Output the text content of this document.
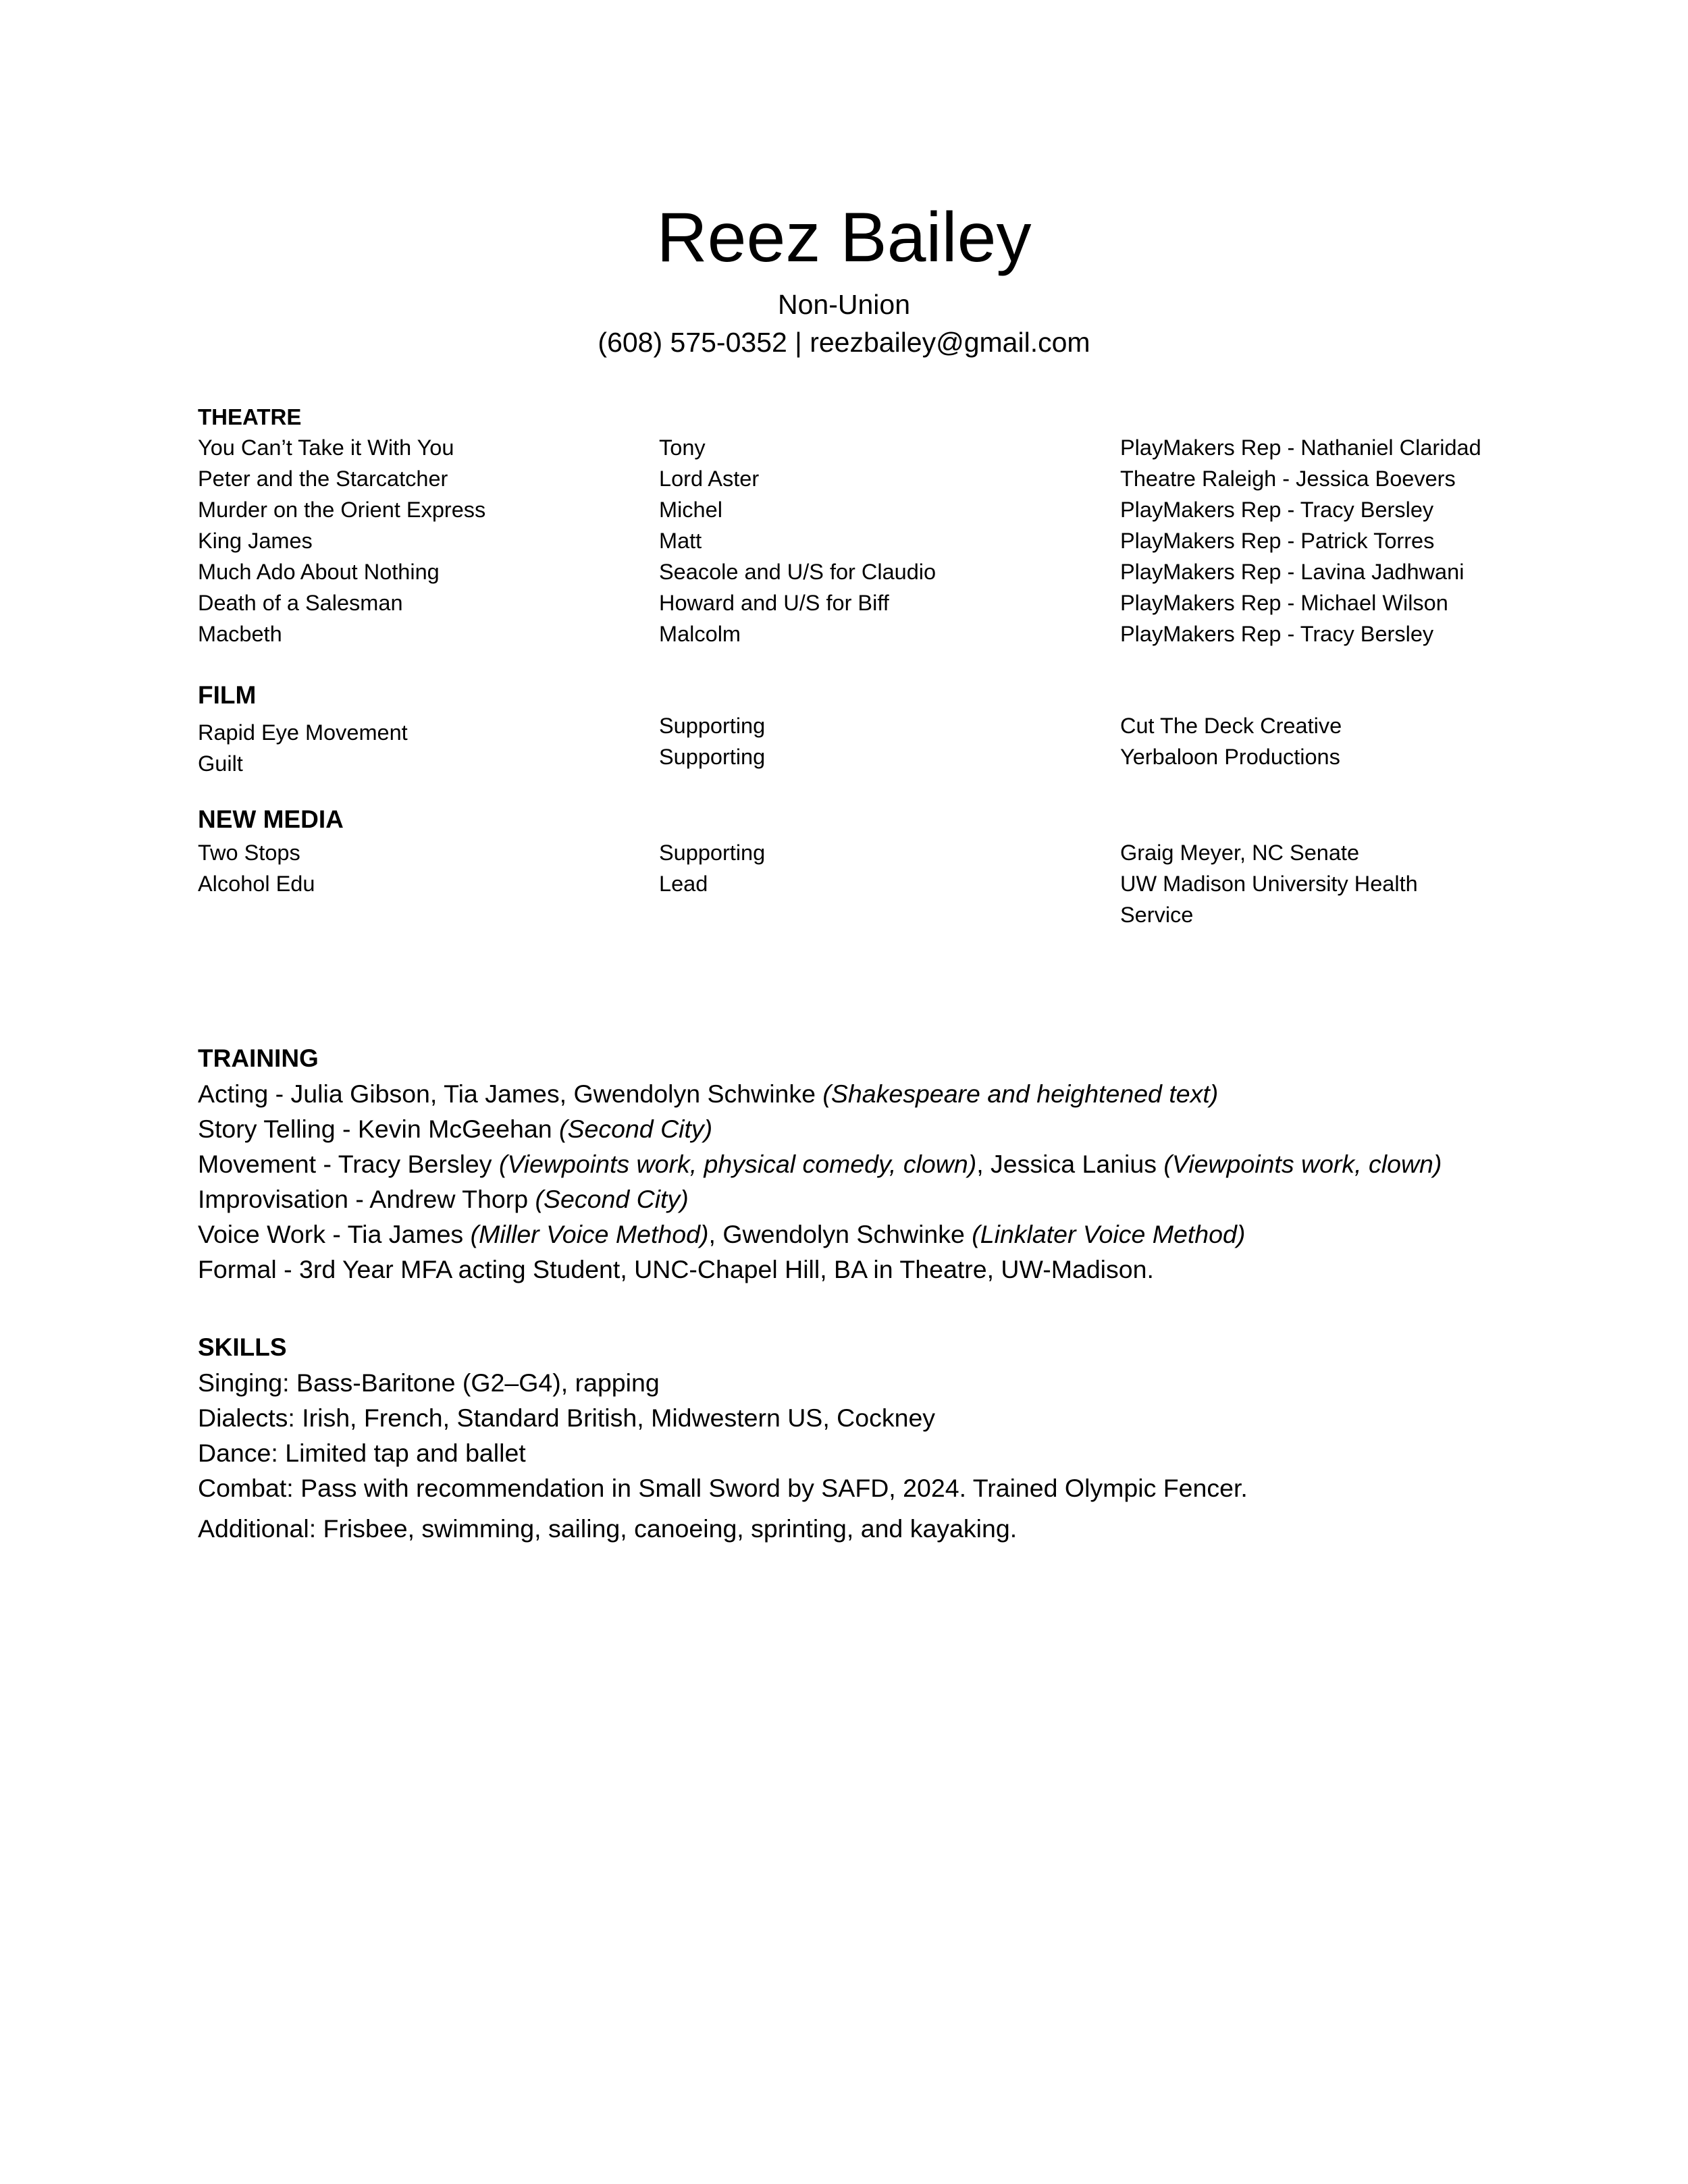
Reez Bailey
Non-Union
(608) 575-0352 | reezbailey@gmail.com
THEATRE
You Can’t Take it With You	Tony	PlayMakers Rep - Nathaniel Claridad
Peter and the Starcatcher	Lord Aster	Theatre Raleigh - Jessica Boevers
Murder on the Orient Express	Michel	PlayMakers Rep - Tracy Bersley
King James	Matt	PlayMakers Rep - Patrick Torres
Much Ado About Nothing	Seacole and U/S for Claudio	PlayMakers Rep - Lavina Jadhwani
Death of a Salesman	Howard and U/S for Biff	PlayMakers Rep - Michael Wilson
Macbeth	Malcolm	PlayMakers Rep - Tracy Bersley
FILM
Rapid Eye Movement	Supporting	Cut The Deck Creative
Guilt	Supporting	Yerbaloon Productions
NEW MEDIA
Two Stops	Supporting	Graig Meyer, NC Senate
Alcohol Edu	Lead	UW Madison University Health
Service
TRAINING
Acting - Julia Gibson, Tia James, Gwendolyn Schwinke (Shakespeare and heightened text)
Story Telling - Kevin McGeehan (Second City)
Movement - Tracy Bersley (Viewpoints work, physical comedy, clown), Jessica Lanius (Viewpoints work, clown)
Improvisation - Andrew Thorp (Second City)
Voice Work - Tia James (Miller Voice Method), Gwendolyn Schwinke (Linklater Voice Method)
Formal - 3rd Year MFA acting Student, UNC-Chapel Hill, BA in Theatre, UW-Madison.
SKILLS
Singing: Bass-Baritone (G2–G4), rapping
Dialects: Irish, French, Standard British, Midwestern US, Cockney
Dance: Limited tap and ballet
Combat: Pass with recommendation in Small Sword by SAFD, 2024. Trained Olympic Fencer.
Additional: Frisbee, swimming, sailing, canoeing, sprinting, and kayaking.
